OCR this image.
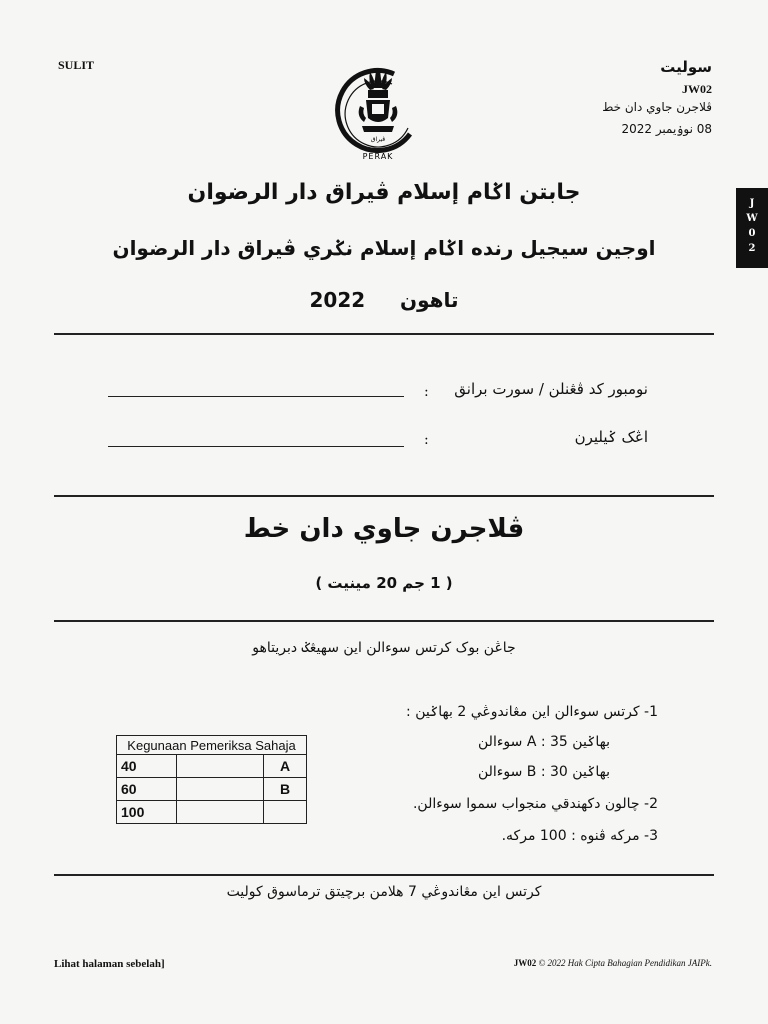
SULIT	سوليت
JW02
ڤلاجرن جاوي دان خط
08 نوۏيمبر 2022
J
W
0
2
PERAK
ڤيراق
جابتن اݢام إسلام ڤيراق دار الرضوان
اوجين سيجيل رنده اݢام إسلام نݢري ڤيراق دار الرضوان
2022 تاهون
: نومبور كد ڤڠنلن / سورت برانق
:	اڠک ݢيليرن
ڤلاجرن جاوي دان خط
( 1 جم 20 مينيت )
جاڠن بوک كرتس سوءالن اين سهيڠݢ دبريتاهو
1- كرتس سوءالن اين مڠاندوڠي 2 بهاݢين :
بهاݢين A : 35 سوءالن
بهاݢين B : 30 سوءالن
2- چالون دكهندقي منجواب سموا سوءالن.
3- مركه ڤنوه : 100 مركه.
Kegunaan Pemeriksa Sahaja		
40		A
60		B
100		
كرتس اين مڠاندوڠي 7 هلامن برچيتق ترماسوق كوليت
Lihat halaman sebelah]	JW02 © 2022 Hak Cipta Bahagian Pendidikan JAIPk.
